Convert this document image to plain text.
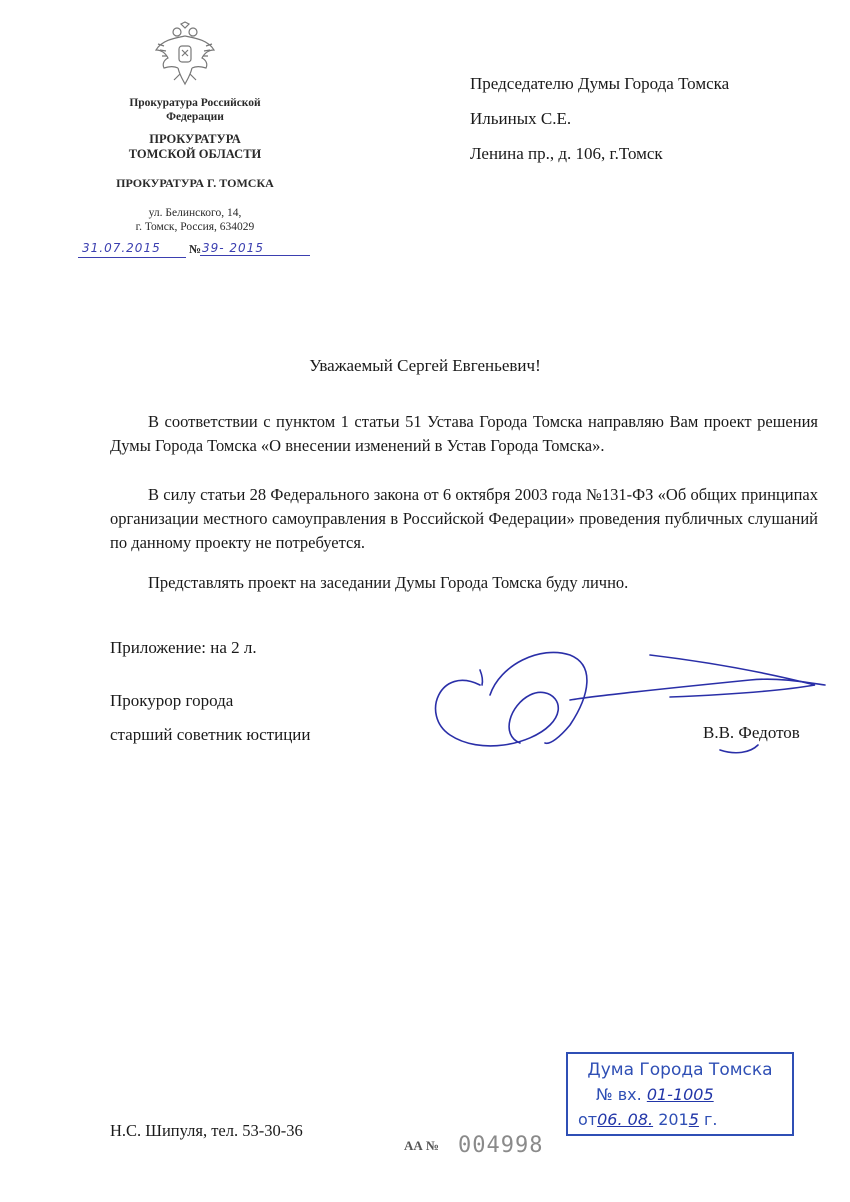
Прокуратура Российской
Федерации
ПРОКУРАТУРА
ТОМСКОЙ ОБЛАСТИ
ПРОКУРАТУРА Г. ТОМСКА
ул. Белинского, 14,
г. Томск, Россия, 634029
31.07.2015 № 39- 2015
Председателю Думы Города Томска
Ильиных С.Е.
Ленина пр., д. 106, г.Томск
Уважаемый Сергей Евгеньевич!

В соответствии с пунктом 1 статьи 51 Устава Города Томска направляю Вам проект решения Думы Города Томска «О внесении изменений в Устав Города Томска».

В силу статьи 28 Федерального закона от 6 октября 2003 года №131-ФЗ «Об общих принципах организации местного самоуправления в Российской Федерации» проведения публичных слушаний по данному проекту не потребуется.

Представлять проект на заседании Думы Города Томска буду лично.

Приложение: на 2 л.
Прокурор города
старший советник юстиции	В.В. Федотов
Н.С. Шипуля, тел. 53-30-36
АА № 004998
Дума Города Томска
№ вх. 01-1005
от06. 08. 2015 г.
